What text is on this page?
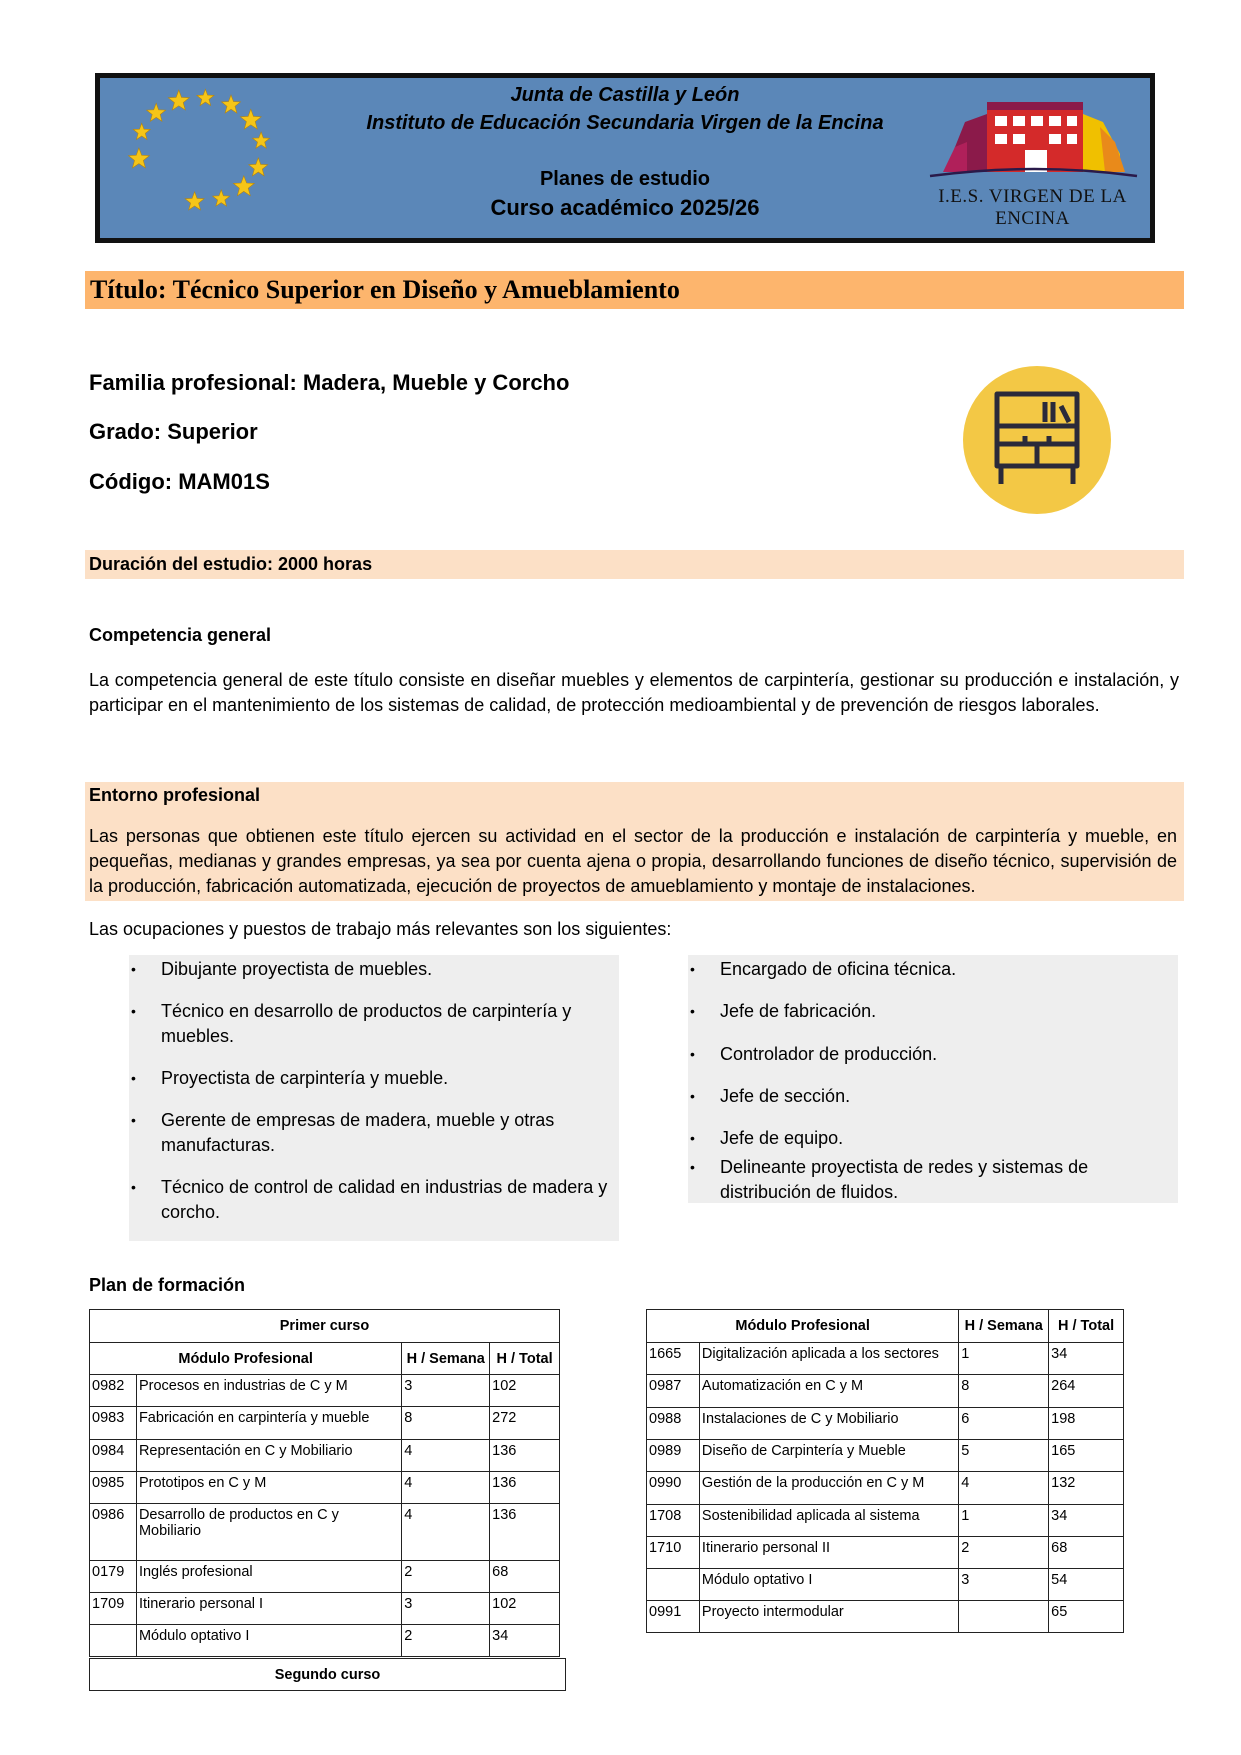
Junta de Castilla y León
Instituto de Educación Secundaria Virgen de la Encina
Planes de estudio
Curso académico 2025/26	I.E.S. VIRGEN DE LA ENCINA
Título: Técnico Superior en Diseño y Amueblamiento
Familia profesional: Madera, Mueble y Corcho
Grado: Superior
Código: MAM01S
Duración del estudio: 2000 horas
Competencia general
La competencia general de este título consiste en diseñar muebles y elementos de carpintería, gestionar su producción e instalación, y participar en el mantenimiento de los sistemas de calidad, de protección medioambiental y de prevención de riesgos laborales.
Entorno profesional
Las personas que obtienen este título ejercen su actividad en el sector de la producción e instalación de carpintería y mueble, en pequeñas, medianas y grandes empresas, ya sea por cuenta ajena o propia, desarrollando funciones de diseño técnico, supervisión de la producción, fabricación automatizada, ejecución de proyectos de amueblamiento y montaje de instalaciones.
Las ocupaciones y puestos de trabajo más relevantes son los siguientes:
• Dibujante proyectista de muebles.
• Técnico en desarrollo de productos de carpintería y muebles.
• Proyectista de carpintería y mueble.
• Gerente de empresas de madera, mueble y otras manufacturas.
• Técnico de control de calidad en industrias de madera y corcho.
• Encargado de oficina técnica.
• Jefe de fabricación.
• Controlador de producción.
• Jefe de sección.
• Jefe de equipo.
• Delineante proyectista de redes y sistemas de distribución de fluidos.
Plan de formación
Primer curso			
Módulo Profesional		H / Semana	H / Total
0982	Procesos en industrias de C y M	3	102
0983	Fabricación en carpintería y mueble	8	272
0984	Representación en C y Mobiliario	4	136
0985	Prototipos en C y M	4	136
0986	Desarrollo de productos en C y Mobiliario	4	136
0179	Inglés profesional	2	68
1709	Itinerario personal I	3	102
	Módulo optativo I	2	34
Segundo curso
Módulo Profesional		H / Semana	H / Total
1665	Digitalización aplicada a los sectores	1	34
0987	Automatización en C y M	8	264
0988	Instalaciones de C y Mobiliario	6	198
0989	Diseño de Carpintería y Mueble	5	165
0990	Gestión de la producción en C y M	4	132
1708	Sostenibilidad aplicada al sistema	1	34
1710	Itinerario personal II	2	68
	Módulo optativo I	3	54
0991	Proyecto intermodular		65
